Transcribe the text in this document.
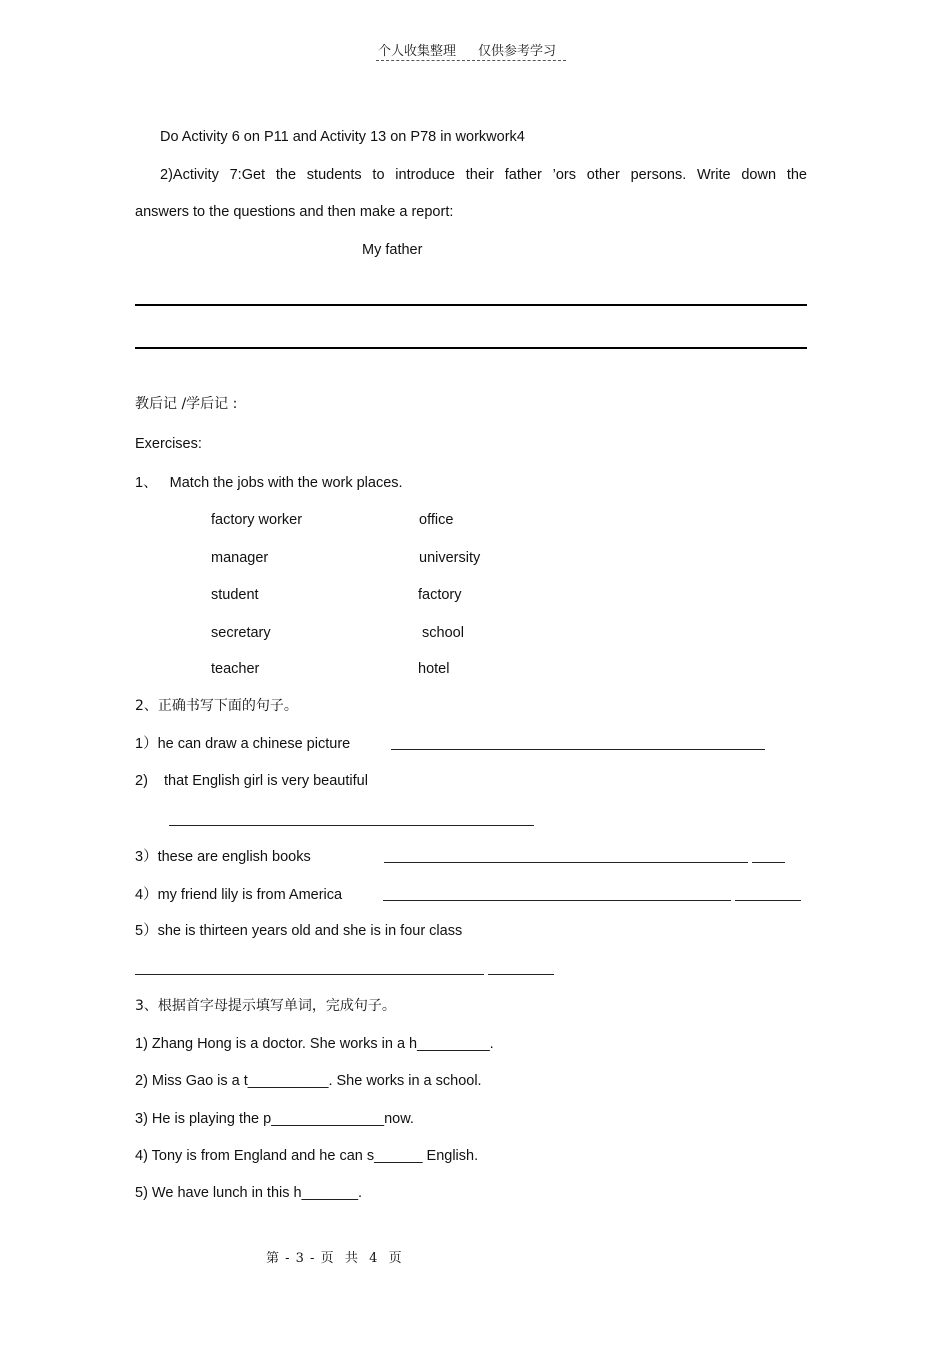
个人收集整理 仅供参考学习
Do Activity 6 on P11 and Activity 13 on P78 in workwork4
2)Activity 7:Get the students to introduce their father ’ors other persons. Write down the
answers to the questions and then make a report:
My father
教后记 /学后记 :
Exercises:
1、   Match the jobs with the work places.
factory worker
manager
student
secretary
teacher
office
university
factory
school
hotel
2、正确书写下面的句子。
1）he can draw a chinese picture
2)    that English girl is very beautiful
3）these are english books
4）my friend lily is from America
5）she is thirteen years old and she is in four class
3、根据首字母提示填写单词，完成句子。
1) Zhang Hong is a doctor. She works in a h_________.
2) Miss Gao is a t__________. She works in a school.
3) He is playing the p______________now.
4) Tony is from England and he can s______ English.
5) We have lunch in this h_______.
第 - 3 - 页  共  4  页
